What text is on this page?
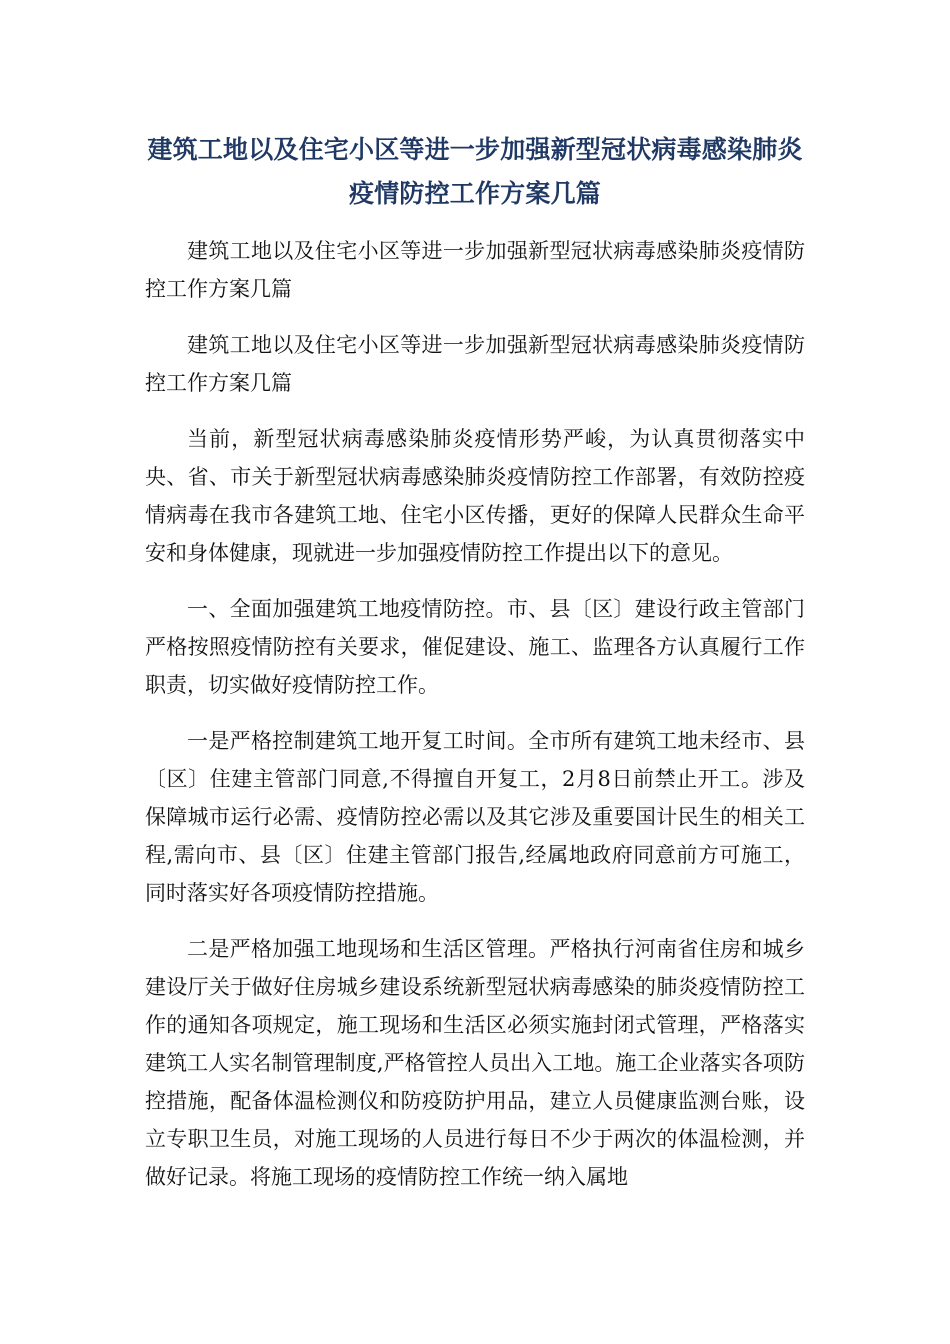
建筑工地以及住宅小区等进一步加强新型冠状病毒感染肺炎疫情防控工作方案几篇

建筑工地以及住宅小区等进一步加强新型冠状病毒感染肺炎疫情防控工作方案几篇

建筑工地以及住宅小区等进一步加强新型冠状病毒感染肺炎疫情防控工作方案几篇

当前，新型冠状病毒感染肺炎疫情形势严峻，为认真贯彻落实中央、省、市关于新型冠状病毒感染肺炎疫情防控工作部署，有效防控疫情病毒在我市各建筑工地、住宅小区传播，更好的保障人民群众生命平安和身体健康，现就进一步加强疫情防控工作提出以下的意见。

一、全面加强建筑工地疫情防控。市、县〔区〕建设行政主管部门严格按照疫情防控有关要求，催促建设、施工、监理各方认真履行工作职责，切实做好疫情防控工作。

一是严格控制建筑工地开复工时间。全市所有建筑工地未经市、县〔区〕住建主管部门同意,不得擅自开复工，2月8日前禁止开工。涉及保障城市运行必需、疫情防控必需以及其它涉及重要国计民生的相关工程,需向市、县〔区〕住建主管部门报告,经属地政府同意前方可施工，同时落实好各项疫情防控措施。

二是严格加强工地现场和生活区管理。严格执行河南省住房和城乡建设厅关于做好住房城乡建设系统新型冠状病毒感染的肺炎疫情防控工作的通知各项规定，施工现场和生活区必须实施封闭式管理，严格落实建筑工人实名制管理制度,严格管控人员出入工地。施工企业落实各项防控措施，配备体温检测仪和防疫防护用品，建立人员健康监测台账，设立专职卫生员，对施工现场的人员进行每日不少于两次的体温检测，并做好记录。将施工现场的疫情防控工作统一纳入属地
